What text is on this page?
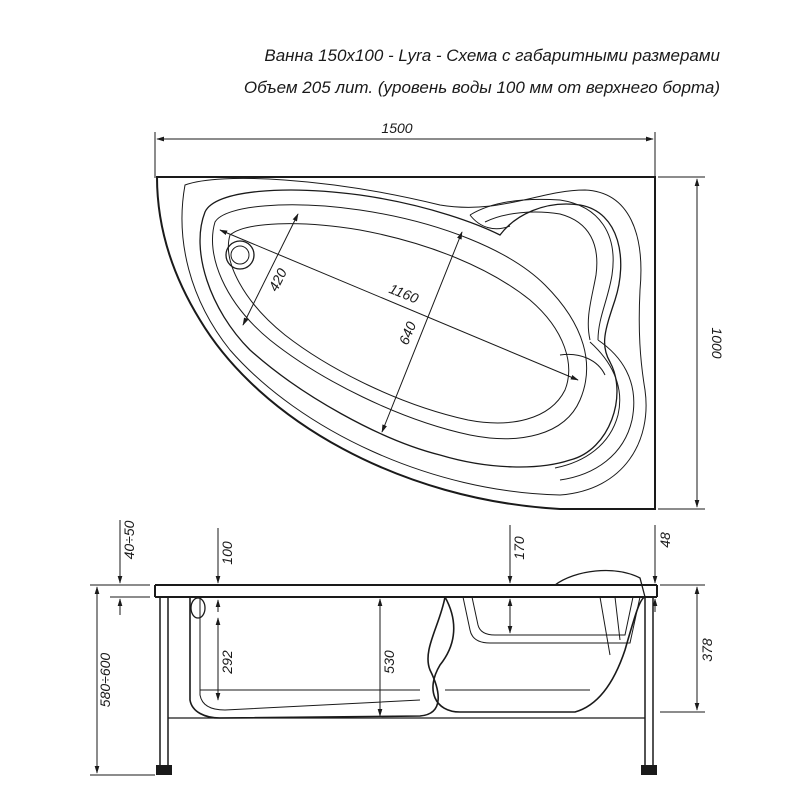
Ванна 150х100 - Lyra - Схема с габаритными размерами
Объем 205 лит. (уровень воды 100 мм от верхнего борта)
1500
1000
420	1160
640
580÷600
40÷50	100
292	530
170	48
378
